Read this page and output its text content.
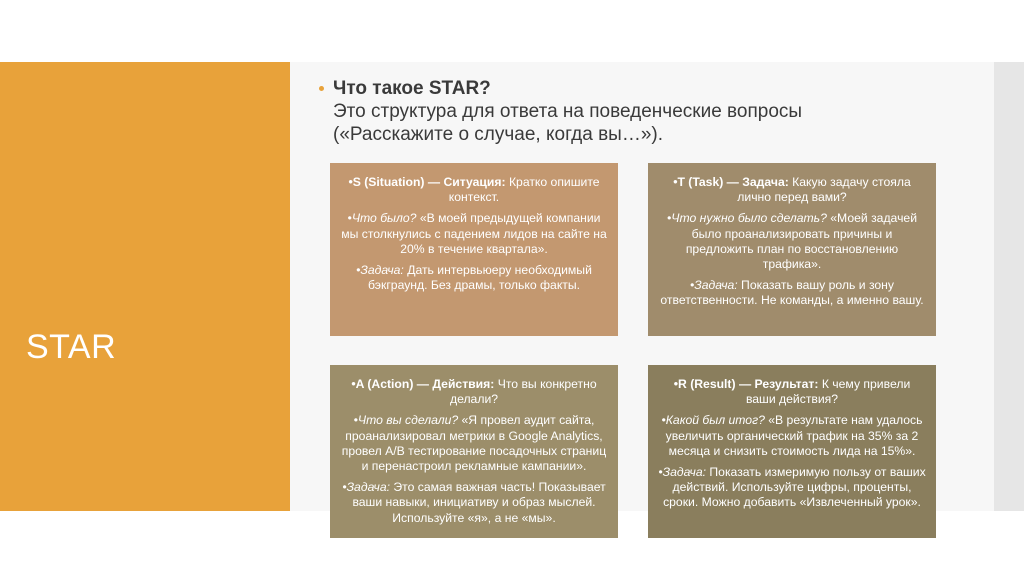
STAR
Что такое STAR?
Это структура для ответа на поведенческие вопросы
(«Расскажите о случае, когда вы…»).

•S (Situation) — Ситуация: Кратко опишите контекст.

•Что было? «В моей предыдущей компании мы столкнулись с падением лидов на сайте на 20% в течение квартала».

•Задача: Дать интервьюеру необходимый бэкграунд. Без драмы, только факты.

•T (Task) — Задача: Какую задачу стояла лично перед вами?

•Что нужно было сделать? «Моей задачей было проанализировать причины и предложить план по восстановлению трафика».

•Задача: Показать вашу роль и зону ответственности. Не команды, а именно вашу.

•A (Action) — Действия: Что вы конкретно делали?

•Что вы сделали? «Я провел аудит сайта, проанализировал метрики в Google Analytics, провел A/B тестирование посадочных страниц и перенастроил рекламные кампании».

•Задача: Это самая важная часть! Показывает ваши навыки, инициативу и образ мыслей. Используйте «я», а не «мы».

•R (Result) — Результат: К чему привели ваши действия?

•Какой был итог? «В результате нам удалось увеличить органический трафик на 35% за 2 месяца и снизить стоимость лида на 15%».

•Задача: Показать измеримую пользу от ваших действий. Используйте цифры, проценты, сроки. Можно добавить «Извлеченный урок».
